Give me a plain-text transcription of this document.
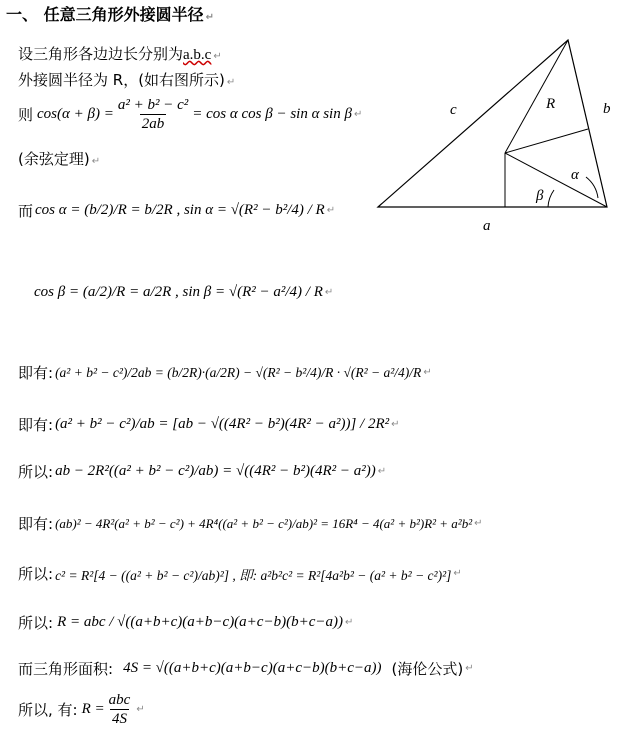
一、 任意三角形外接圆半径 ↵
设三角形各边边长分别为a.b.c ↵
外接圆半径为 R，(如右图所示) ↵
则 $\cos(\alpha + \beta) = \frac{\text{a² + b² − c²}}{2ab} = \cos \alpha$ cos β − sin α sin β ↵
(余弦定理) ↵
而 cos α = (b/2)/R = b/2R , sin α = √(R² − b²/4) / R ↵
cos β = (a/2)/R = a/2R , sin β = √(R² − a²/4) / R ↵
即有: (a² + b² − c²)/2ab = (b/2R)·(a/2R) − √(R² − b²/4)/R · √(R² − a²/4)/R ↵
即有: (a² + b² − c²)/ab = [ab − √((4R² − b²)(4R² − a²))] / 2R² ↵
所以: ab − 2R²((a² + b² − c²)/ab) = √((4R² − b²)(4R² − a²)) ↵
即有: (ab)² − 4R²(a² + b² − c²) + 4R⁴((a² + b² − c²)/ab)² = 16R⁴ − 4(a² + b²)R² + a²b² ↵
所以: c² = R²[4 − ((a² + b² − c²)/ab)²] , 即: a²b²c² = R²[4a²b² − (a² + b² − c²)²] ↵
所以: R = abc / √((a+b+c)(a+b−c)(a+c−b)(b+c−a)) ↵
而三角形面积: 4S = √((a+b+c)(a+b−c)(a+c−b)(b+c−a)) (海伦公式) ↵
所以, 有: R =
abc
4S
↵
c	R	b
α
β
a
